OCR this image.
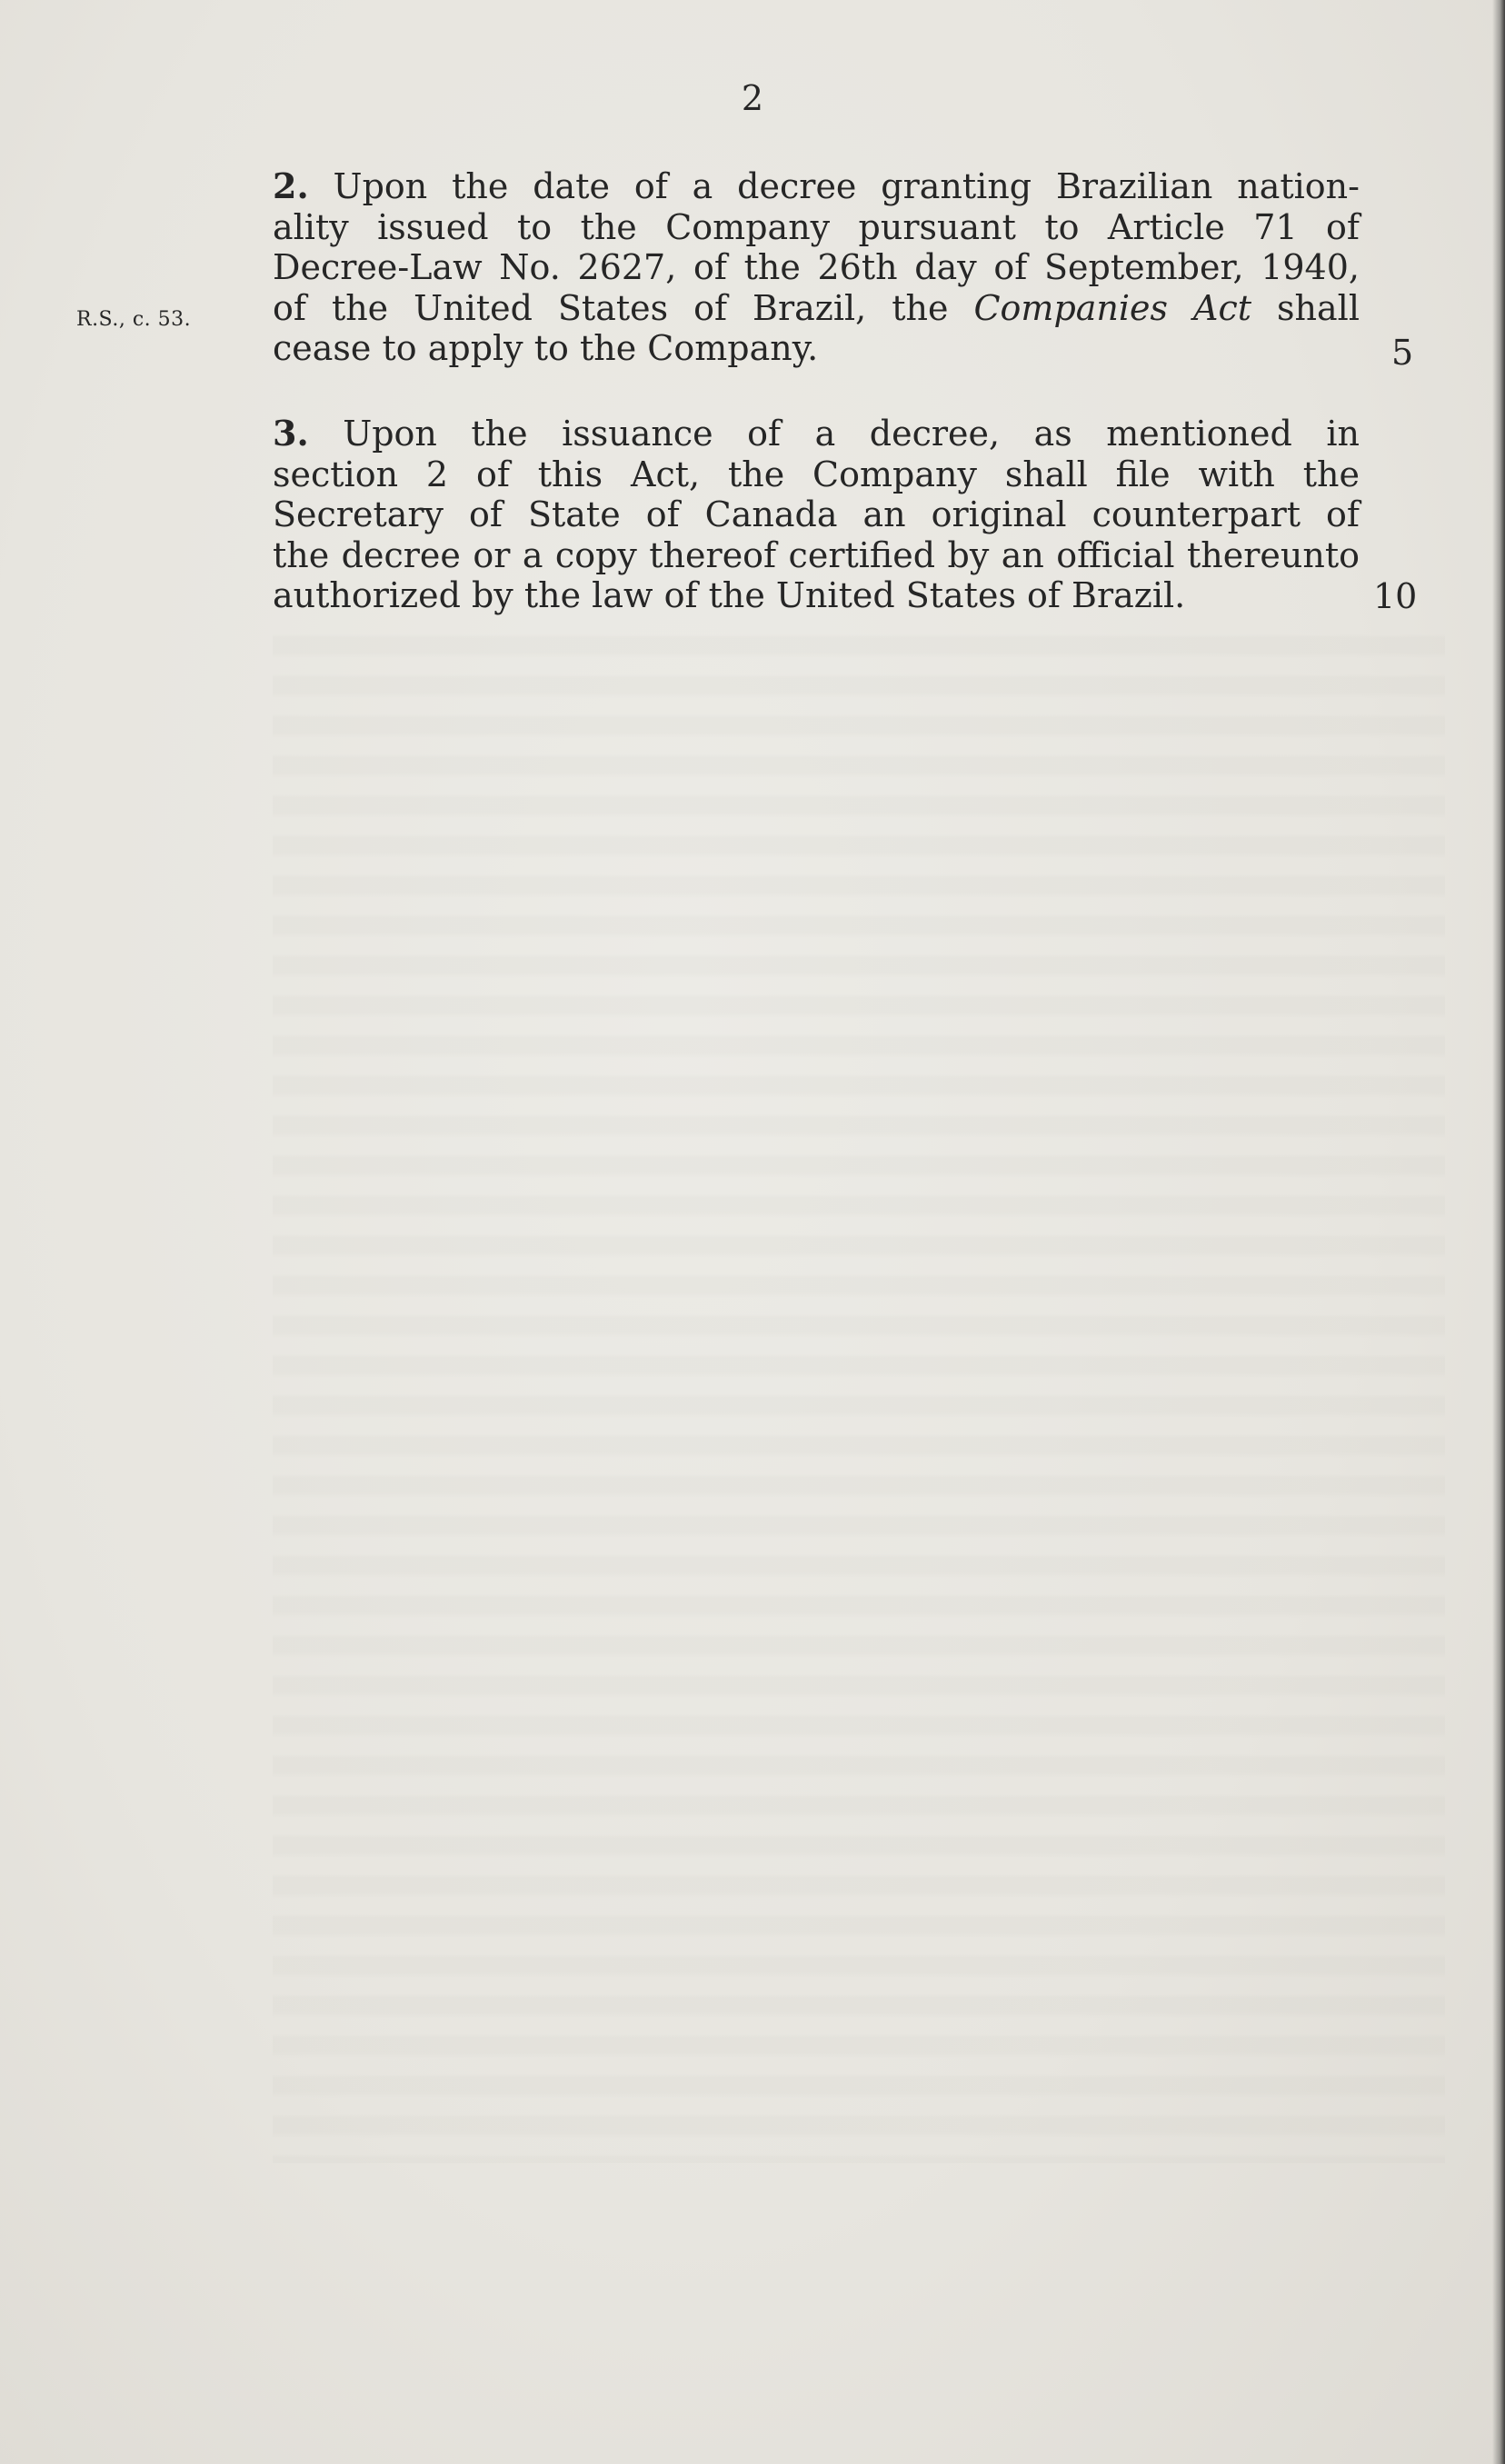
2
R.S., c. 53.
2. Upon the date of a decree granting Brazilian nation-
ality issued to the Company pursuant to Article 71 of
Decree-Law No. 2627, of the 26th day of September, 1940,
of the United States of Brazil, the Companies Act shall
cease to apply to the Company.
3. Upon the issuance of a decree, as mentioned in
section 2 of this Act, the Company shall file with the
Secretary of State of Canada an original counterpart of
the decree or a copy thereof certified by an official thereunto
authorized by the law of the United States of Brazil.
5
10
